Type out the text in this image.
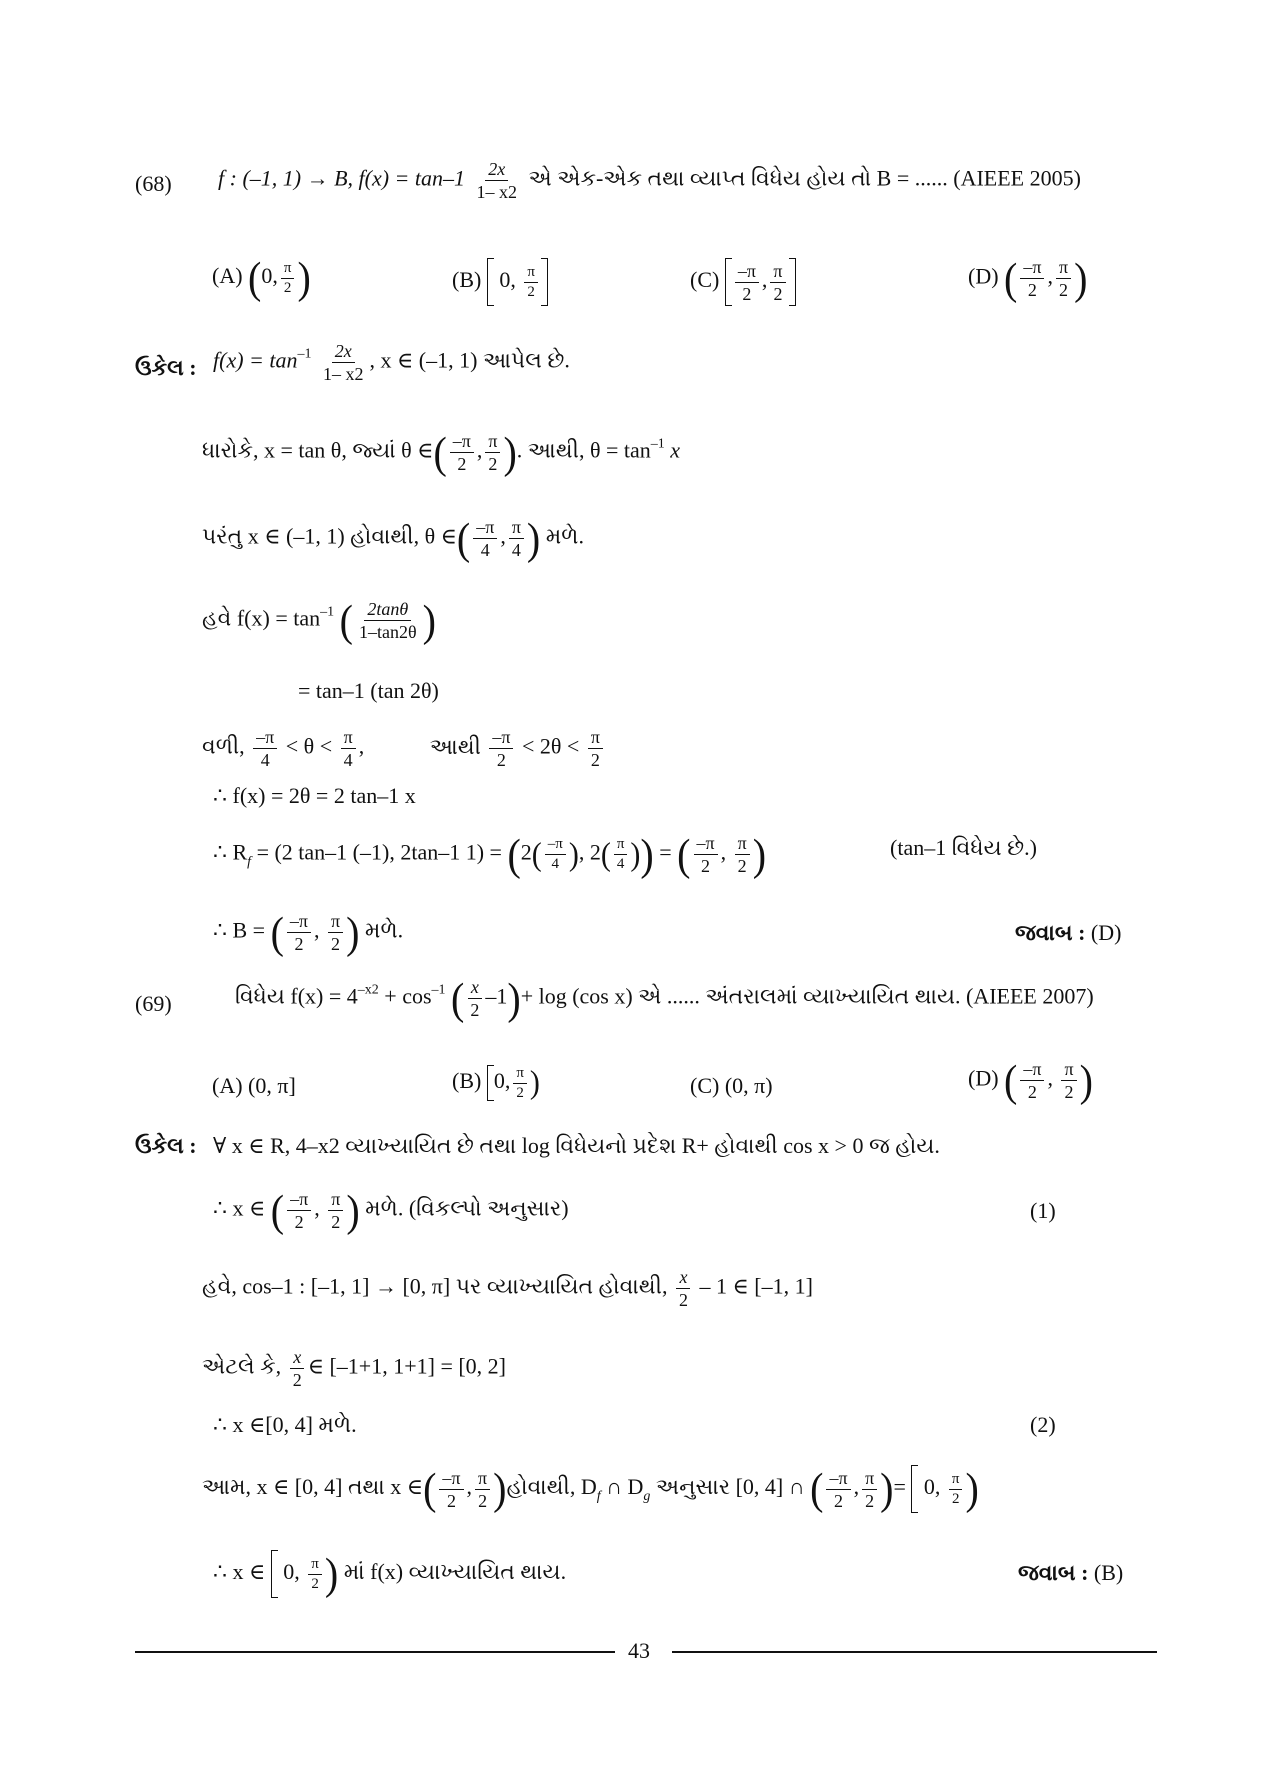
(68) f : (–1, 1) → B, $f(x) = \tan-1 \frac{2x}{1- x2}$ એ એક-એક તથા વ્યાપ્ત વિધેય હોય તો B = ...... (AIEEE 2005)
(A) (0, $\frac{\pi}{2}$ )	(B) 0, $\frac{\pi}{2}$	$(C) \frac{-\pi}{2}$ , $\frac{\pi}{2}$	(D) ( $\frac{-\pi}{2}$ , $\frac{\pi}{2}$ )
ઉકેલ : $f(x) = \tan^{-1} \frac{2x}{1- x2}$ , x ∈ (–1, 1) આપેલ છે.
ધારોકે, x = tan θ, જ્યાં θ ∈( $\frac{-\pi}{2}$ , $\frac{\pi}{2}$ ). આથી, $\theta = \tan^{-1} x$
પરંતુ x ∈ (–1, 1) હોવાથી, θ ∈( $\frac{-\pi}{4}$ , $\frac{\pi}{4}$ ) મળે.
હવે $f(x) = \tan^{-1}$ ( $\frac{2\tan\theta}{1-\tan 2\theta}$ )
= tan–1 (tan 2θ)
વળી, $\frac{-\pi}{4} < \theta < \frac{\pi}{4}$ ,	આથી $\frac{-\pi}{2} < 2\theta < \frac{\pi}{2}$
∴ f(x) = 2θ = 2 tan–1 x
∴ $R_f = (2$ tan–1 (–1), 2tan–1 $1) = (2( \frac{-\pi}{4}$ ), $2( \frac{\pi}{4}$ )) = ( $\frac{-\pi}{2}$ , $\frac{\pi}{2}$ )	(tan–1 વિધેય છે.)
∴ B = ( $\frac{-\pi}{2}$ , $\frac{\pi}{2}$ ) મળે.	જવાબ : (D)
(69)	વિધેય $f(x) = 4^{-x2} + \cos^{-1}$ ( $\frac{x}{2} -1)+ \log (\cos$ x) એ ...... અંતરાલમાં વ્યાખ્યાયિત થાય. (AIEEE 2007)
(A) (0, π]	(B) 0, $\frac{\pi}{2}$ )	(C) (0, π)	(D) ( $\frac{-\pi}{2}$ , $\frac{\pi}{2}$ )
ઉકેલ : ∀ x ∈ R, 4–x2 વ્યાખ્યાયિત છે તથા log વિધેયનો પ્રદેશ R+ હોવાથી cos x > 0 જ હોય.
∴ x ∈ ( $\frac{-\pi}{2}$ , $\frac{\pi}{2}$ ) મળે. (વિકલ્પો અનુસાર)	(1)
હવે, cos–1 : [–1, 1] → [0, π] પર વ્યાખ્યાયિત હોવાથી, $\frac{x}{2} - 1$ ∈ [–1, 1]
એટલે કે, $\frac{x}{2}$ ∈ [–1+1, 1+1] = [0, 2]
∴ x ∈[0, 4] મળે.	(2)
આમ, x ∈ [0, 4] તથા x ∈( $\frac{-\pi}{2}$ , $\frac{\pi}{2}$ )હોવાથી, $D_f$ ∩ $D_g$ અનુસાર [0, 4] ∩ ( $\frac{-\pi}{2}$ , $\frac{\pi}{2}$ )=  0, $\frac{\pi}{2}$ )
∴ x ∈ 0, $\frac{\pi}{2}$ ) માં f(x) વ્યાખ્યાયિત થાય.	જવાબ : (B)
43
